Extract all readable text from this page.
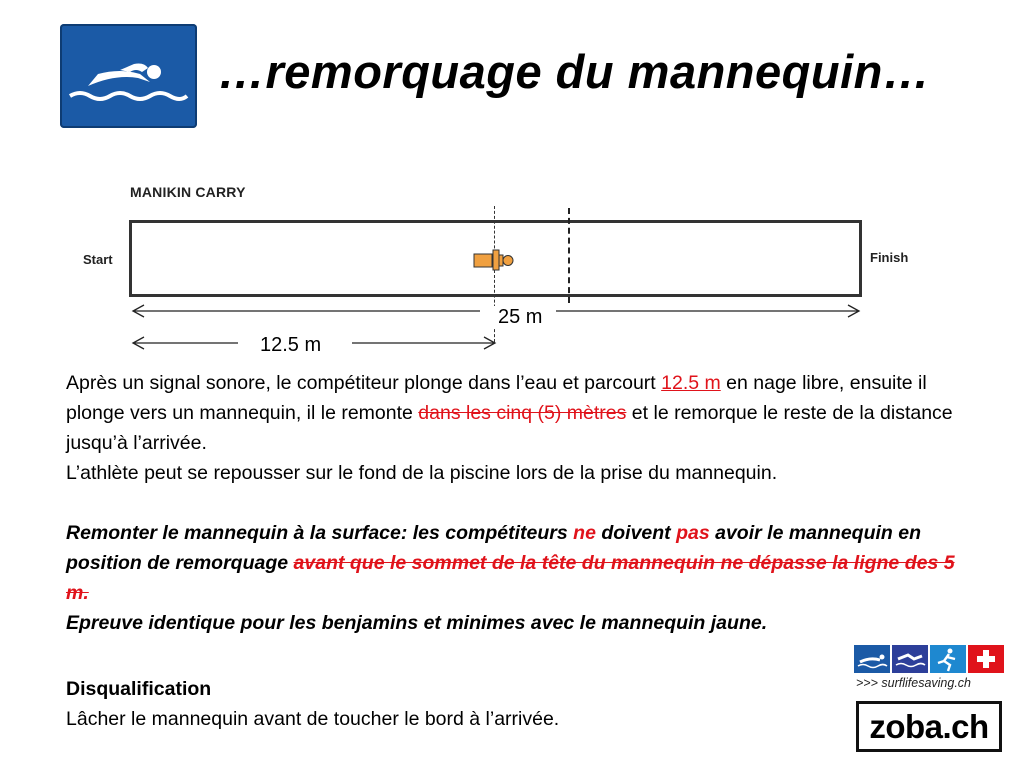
…remorquage du mannequin…
MANIKIN CARRY
Start	Finish
25 m
12.5 m
Après un signal sonore, le compétiteur plonge dans l’eau et parcourt 12.5 m en nage libre, ensuite il plonge vers un mannequin, il le remonte dans les cinq (5) mètres et le remorque le reste de la distance jusqu’à l’arrivée.
L’athlète peut se repousser sur le fond de la piscine lors de la prise du mannequin.
Remonter le mannequin à la surface: les compétiteurs ne doivent pas avoir le mannequin en position de remorquage avant que le sommet de la tête du mannequin ne dépasse la ligne des 5 m.
Epreuve identique pour les benjamins et minimes avec le mannequin jaune.
Disqualification
Lâcher le mannequin avant de toucher le bord à l’arrivée.
>>> surflifesaving.ch
zoba.ch
